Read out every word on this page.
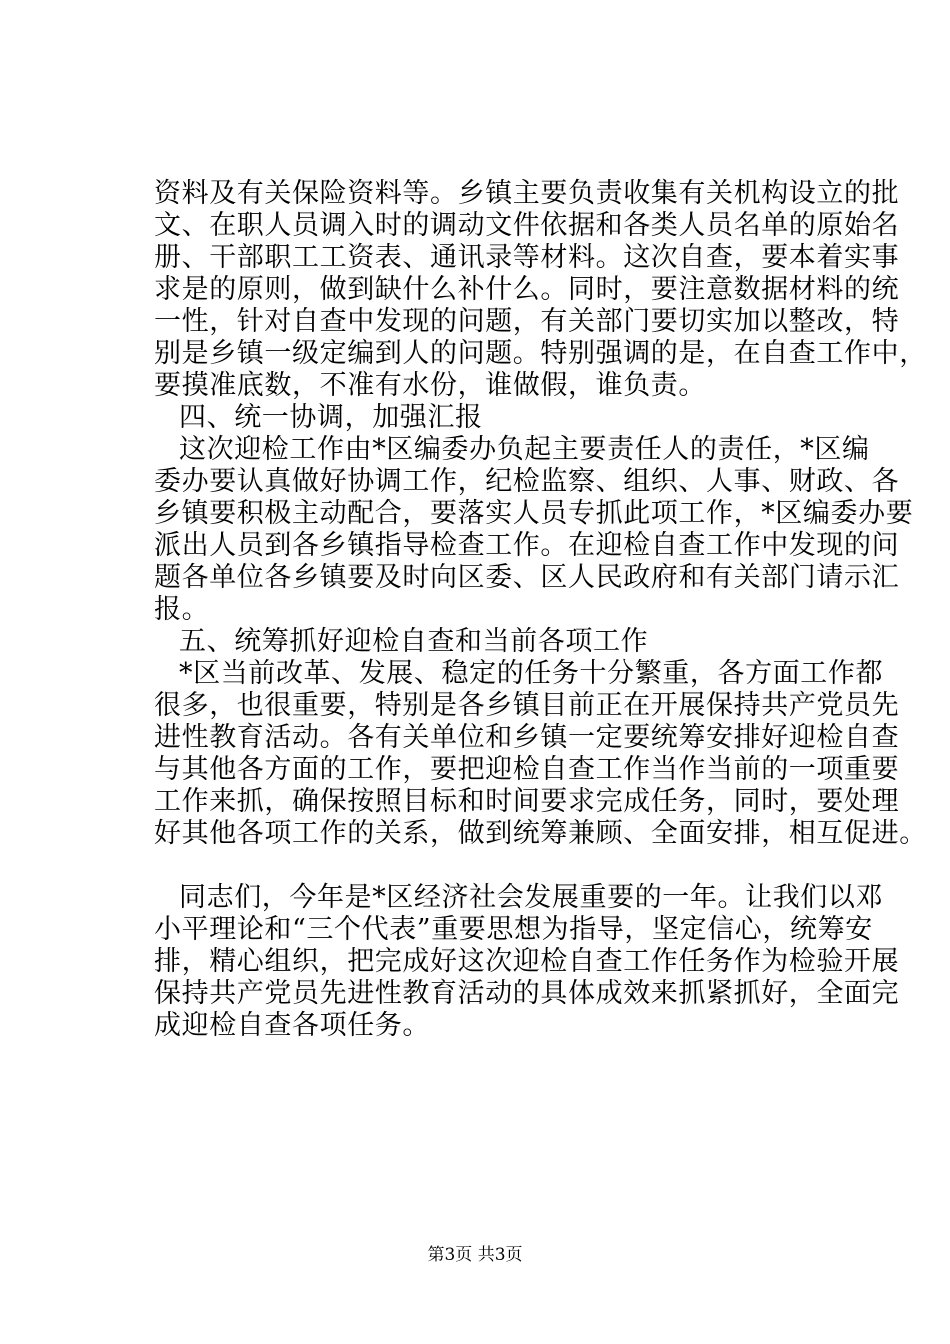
资料及有关保险资料等。乡镇主要负责收集有关机构设立的批
文、在职人员调入时的调动文件依据和各类人员名单的原始名
册、干部职工工资表、通讯录等材料。这次自查，要本着实事
求是的原则，做到缺什么补什么。同时，要注意数据材料的统
一性，针对自查中发现的问题，有关部门要切实加以整改，特
别是乡镇一级定编到人的问题。特别强调的是，在自查工作中，
要摸准底数，不准有水份，谁做假，谁负责。
四、统一协调，加强汇报
这次迎检工作由*区编委办负起主要责任人的责任，*区编
委办要认真做好协调工作，纪检监察、组织、人事、财政、各
乡镇要积极主动配合，要落实人员专抓此项工作，*区编委办要
派出人员到各乡镇指导检查工作。在迎检自查工作中发现的问
题各单位各乡镇要及时向区委、区人民政府和有关部门请示汇
报。
五、统筹抓好迎检自查和当前各项工作
*区当前改革、发展、稳定的任务十分繁重，各方面工作都
很多，也很重要，特别是各乡镇目前正在开展保持共产党员先
进性教育活动。各有关单位和乡镇一定要统筹安排好迎检自查
与其他各方面的工作，要把迎检自查工作当作当前的一项重要
工作来抓，确保按照目标和时间要求完成任务，同时，要处理
好其他各项工作的关系，做到统筹兼顾、全面安排，相互促进。
同志们，今年是*区经济社会发展重要的一年。让我们以邓
小平理论和“三个代表”重要思想为指导，坚定信心，统筹安
排，精心组织，把完成好这次迎检自查工作任务作为检验开展
保持共产党员先进性教育活动的具体成效来抓紧抓好，全面完
成迎检自查各项任务。
第3页 共3页
